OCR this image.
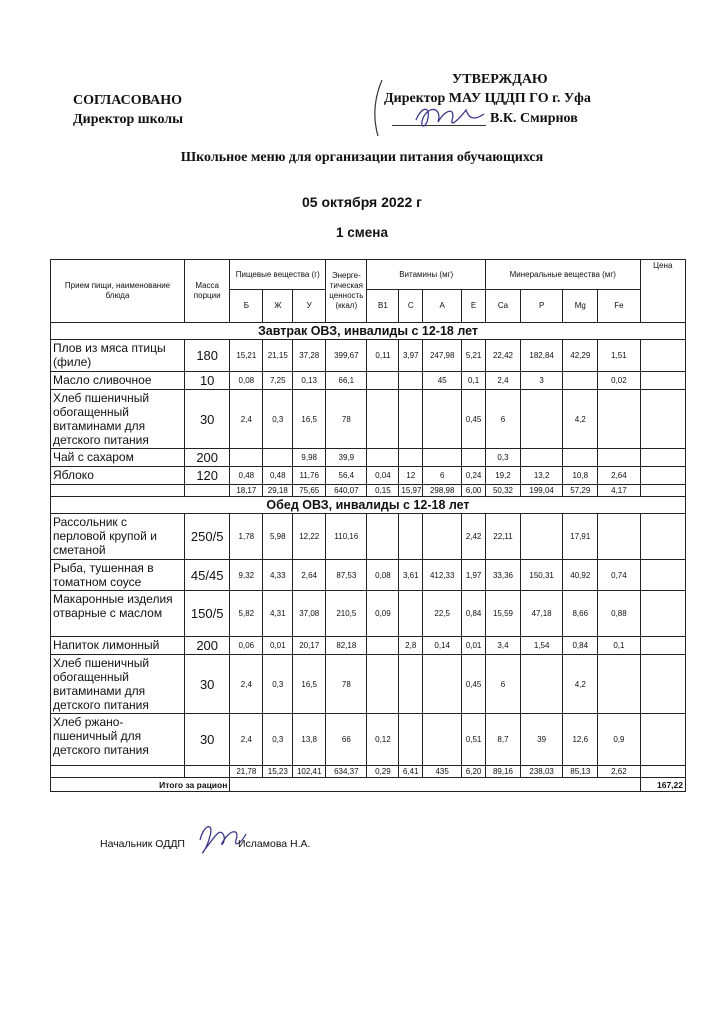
СОГЛАСОВАНО
Директор школы
УТВЕРЖДАЮ
Директор МАУ ЦДДП ГО г. Уфа
В.К. Смирнов
Школьное меню для организации питания обучающихся
05 октября 2022 г
1 смена
Прием пищи, наименование блюда	Масса порции	Пищевые вещества (г)			Энерге-тическая ценность (ккал)	Витамины (мг)				Минеральные вещества (мг)				Цена
		Б	Ж	У		В1	С	А	Е	Са	Р	Mg	Fe	
Завтрак ОВЗ, инвалиды с 12-18 лет														
Плов из мяса птицы (филе)	180	15,21	21,15	37,28	399,67	0,11	3,97	247,98	5,21	22,42	182,84	42,29	1,51	
Масло сливочное	10	0,08	7,25	0,13	66,1			45	0,1	2,4	3		0,02	
Хлеб пшеничный обогащенный витаминами для детского питания	30	2,4	0,3	16,5	78				0,45	6		4,2		
Чай с сахаром	200			9,98	39,9					0,3				
Яблоко	120	0,48	0,48	11,76	56,4	0,04	12	6	0,24	19,2	13,2	10,8	2,64	
		18,17	29,18	75,65	640,07	0,15	15,97	298,98	6,00	50,32	199,04	57,29	4,17	
Обед ОВЗ, инвалиды с 12-18 лет														
Рассольник с перловой крупой и сметаной	250/5	1,78	5,98	12,22	110,16				2,42	22,11		17,91		
Рыба, тушенная в томатном соусе	45/45	9,32	4,33	2,64	87,53	0,08	3,61	412,33	1,97	33,36	150,31	40,92	0,74	
Макаронные изделия отварные с маслом	150/5	5,82	4,31	37,08	210,5	0,09		22,5	0,84	15,59	47,18	8,66	0,88	
Напиток лимонный	200	0,06	0,01	20,17	82,18		2,8	0,14	0,01	3,4	1,54	0,84	0,1	
Хлеб пшеничный обогащенный витаминами для детского питания	30	2,4	0,3	16,5	78				0,45	6		4,2		
Хлеб ржано-пшеничный для детского питания	30	2,4	0,3	13,8	66	0,12			0,51	8,7	39	12,6	0,9	
		21,78	15,23	102,41	634,37	0,29	6,41	435	6,20	89,16	238,03	85,13	2,62	
Итого за рацион														167,22
Начальник ОДДП	Исламова Н.А.
